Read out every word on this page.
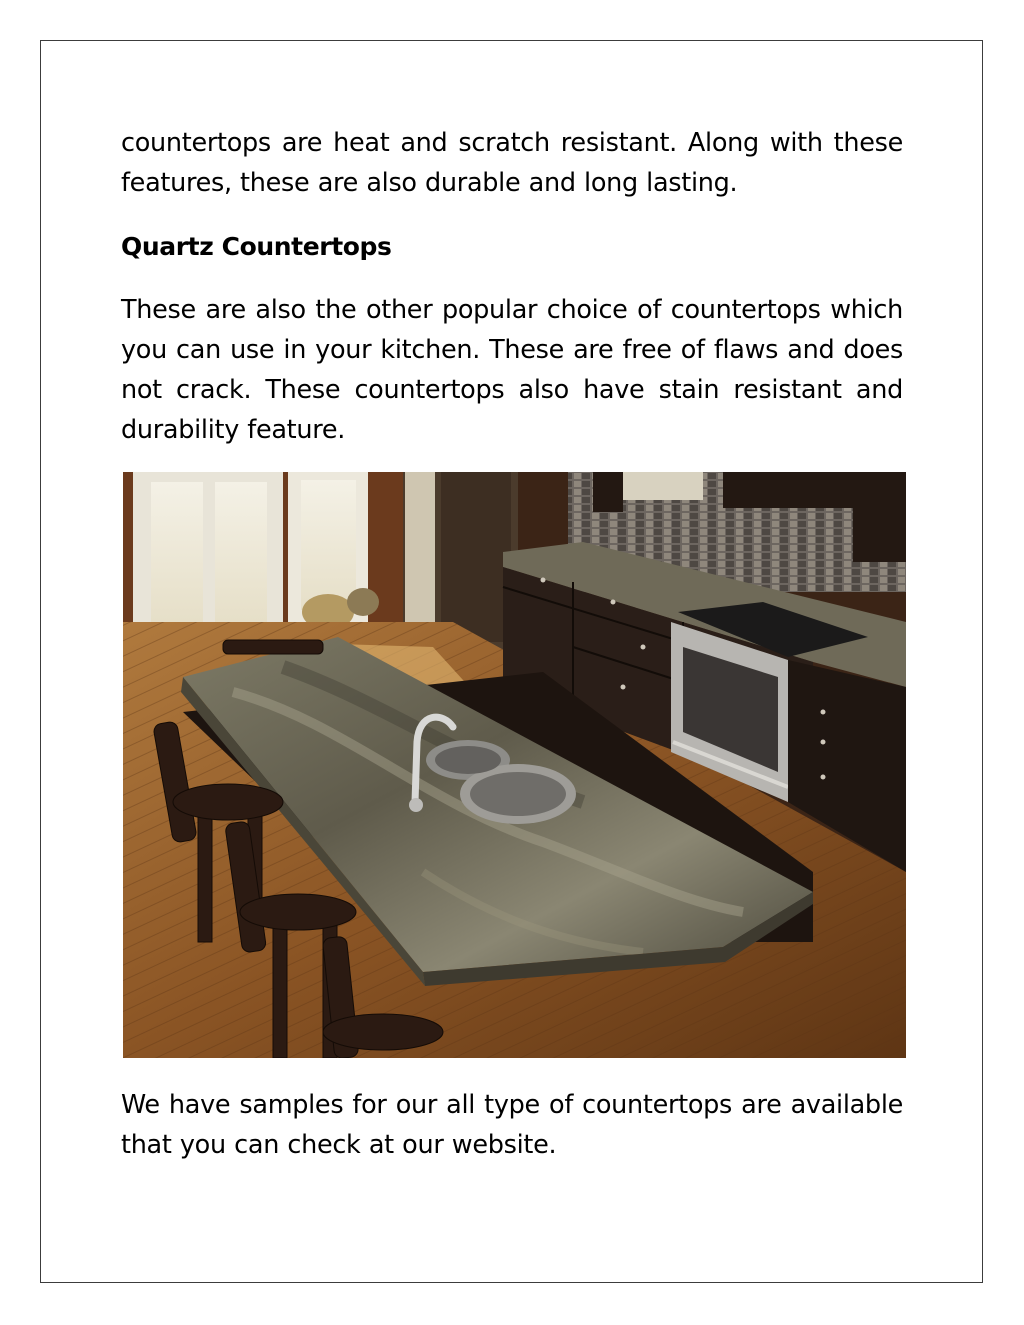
countertops are heat and scratch resistant. Along with these features, these are also durable and long lasting.

Quartz Countertops

These are also the other popular choice of countertops which you can use in your kitchen. These are free of flaws and does not crack. These countertops also have stain resistant and durability feature.

We have samples for our all type of countertops are available that you can check at our website.
